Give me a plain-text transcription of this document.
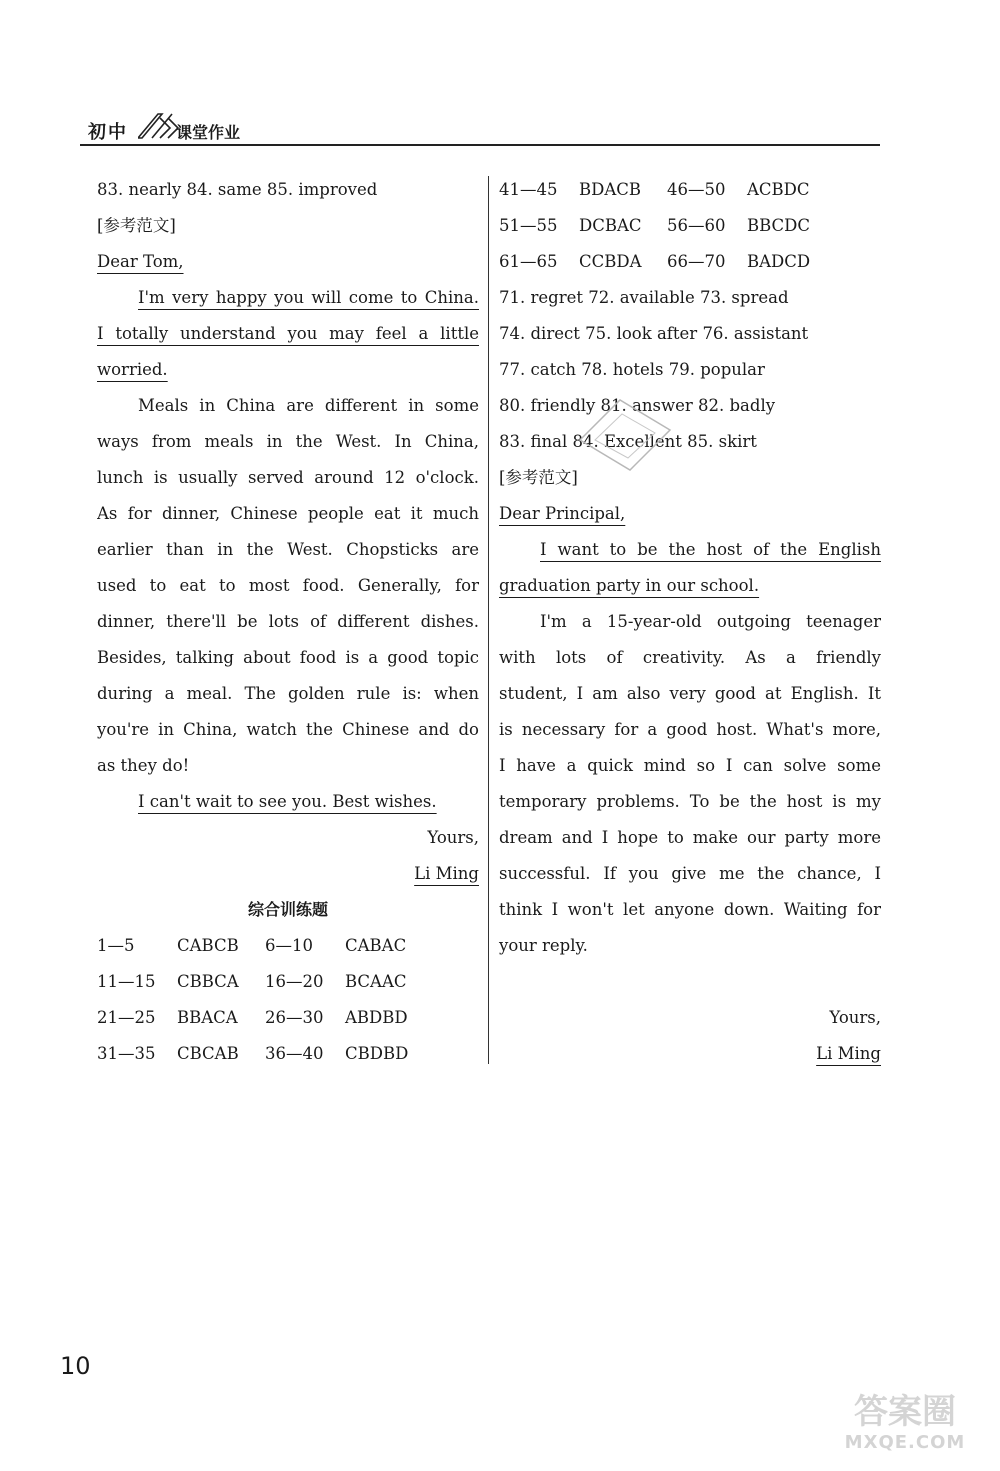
初中	课堂作业
83. nearly 84. same 85. improved
[参考范文]
Dear Tom,
I'm very happy you will come to China.
I totally understand you may feel a little
worried.
Meals in China are different in some
ways from meals in the West. In China,
lunch is usually served around 12 o'clock.
As for dinner, Chinese people eat it much
earlier than in the West. Chopsticks are
used to eat to most food. Generally, for
dinner, there'll be lots of different dishes.
Besides, talking about food is a good topic
during a meal. The golden rule is: when
you're in China, watch the Chinese and do
as they do!
I can't wait to see you. Best wishes.
Yours,
Li Ming
综合训练题
1—5	CABCB 6—10 CABAC
11—15 CBBCA 16—20 BCAAC
21—25 BBACA 26—30 ABDBD
31—35 CBCAB 36—40 CBDBD
41—45 BDACB 46—50 ACBDC
51—55 DCBAC 56—60 BBCDC
61—65 CCBDA 66—70 BADCD
71. regret 72. available 73. spread
74. direct 75. look after 76. assistant
77. catch 78. hotels 79. popular
80. friendly 81. answer 82. badly
83. final 84. Excellent 85. skirt
[参考范文]
Dear Principal,
I want to be the host of the English
graduation party in our school.
I'm a 15-year-old outgoing teenager
with lots of creativity. As a friendly
student, I am also very good at English. It
is necessary for a good host. What's more,
I have a quick mind so I can solve some
temporary problems. To be the host is my
dream and I hope to make our party more
successful. If you give me the chance, I
think I won't let anyone down. Waiting for
your reply.
Yours,
Li Ming
10
答案圈
MXQE.COM
